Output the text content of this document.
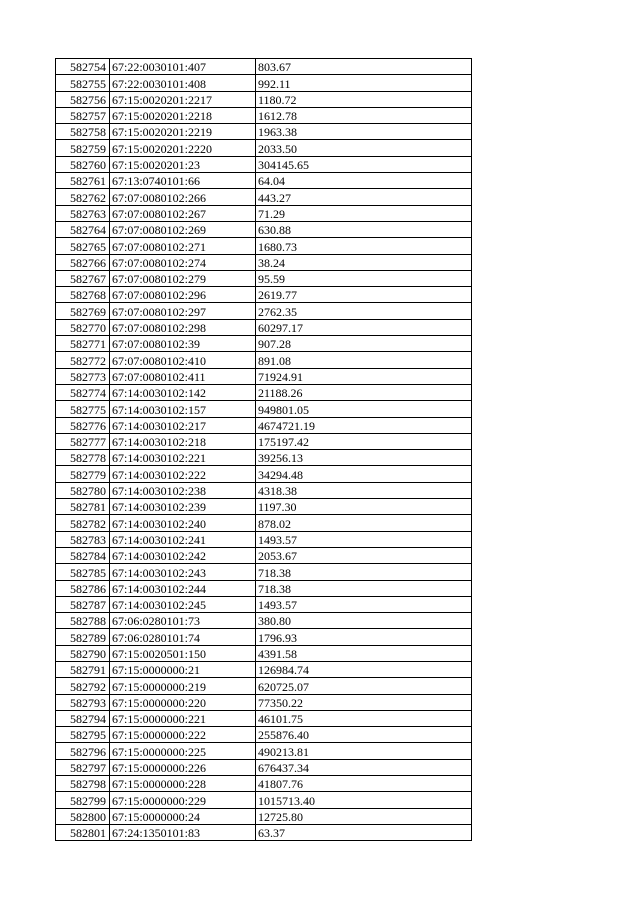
582754	67:22:0030101:407	803.67
582755	67:22:0030101:408	992.11
582756	67:15:0020201:2217	1180.72
582757	67:15:0020201:2218	1612.78
582758	67:15:0020201:2219	1963.38
582759	67:15:0020201:2220	2033.50
582760	67:15:0020201:23	304145.65
582761	67:13:0740101:66	64.04
582762	67:07:0080102:266	443.27
582763	67:07:0080102:267	71.29
582764	67:07:0080102:269	630.88
582765	67:07:0080102:271	1680.73
582766	67:07:0080102:274	38.24
582767	67:07:0080102:279	95.59
582768	67:07:0080102:296	2619.77
582769	67:07:0080102:297	2762.35
582770	67:07:0080102:298	60297.17
582771	67:07:0080102:39	907.28
582772	67:07:0080102:410	891.08
582773	67:07:0080102:411	71924.91
582774	67:14:0030102:142	21188.26
582775	67:14:0030102:157	949801.05
582776	67:14:0030102:217	4674721.19
582777	67:14:0030102:218	175197.42
582778	67:14:0030102:221	39256.13
582779	67:14:0030102:222	34294.48
582780	67:14:0030102:238	4318.38
582781	67:14:0030102:239	1197.30
582782	67:14:0030102:240	878.02
582783	67:14:0030102:241	1493.57
582784	67:14:0030102:242	2053.67
582785	67:14:0030102:243	718.38
582786	67:14:0030102:244	718.38
582787	67:14:0030102:245	1493.57
582788	67:06:0280101:73	380.80
582789	67:06:0280101:74	1796.93
582790	67:15:0020501:150	4391.58
582791	67:15:0000000:21	126984.74
582792	67:15:0000000:219	620725.07
582793	67:15:0000000:220	77350.22
582794	67:15:0000000:221	46101.75
582795	67:15:0000000:222	255876.40
582796	67:15:0000000:225	490213.81
582797	67:15:0000000:226	676437.34
582798	67:15:0000000:228	41807.76
582799	67:15:0000000:229	1015713.40
582800	67:15:0000000:24	12725.80
582801	67:24:1350101:83	63.37
